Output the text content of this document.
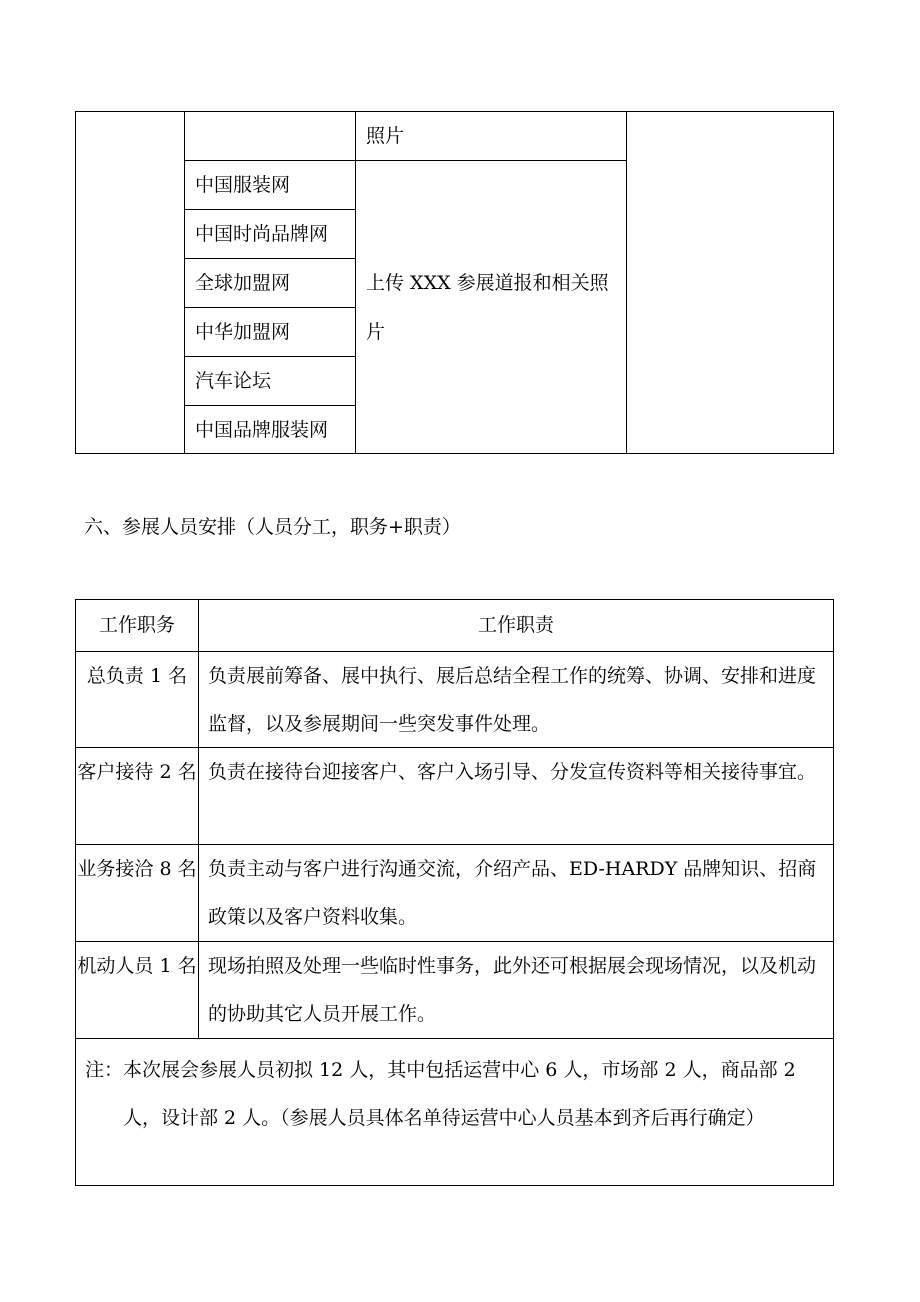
照片
中国服装网
中国时尚品牌网
全球加盟网
中华加盟网
汽车论坛
中国品牌服装网
上传 XXX 参展道报和相关照片
六、参展人员安排（人员分工，职务+职责）
工作职务	工作职责
总负责 1 名	负责展前筹备、展中执行、展后总结全程工作的统筹、协调、安排和进度监督，以及参展期间一些突发事件处理。
客户接待 2 名 负责在接待台迎接客户、客户入场引导、分发宣传资料等相关接待事宜。
业务接洽 8 名 负责主动与客户进行沟通交流，介绍产品、ED-HARDY 品牌知识、招商政策以及客户资料收集。
机动人员 1 名 现场拍照及处理一些临时性事务，此外还可根据展会现场情况，以及机动的协助其它人员开展工作。
注：本次展会参展人员初拟 12 人，其中包括运营中心 6 人，市场部 2 人，商品部 2 人，设计部 2 人。（参展人员具体名单待运营中心人员基本到齐后再行确定）
